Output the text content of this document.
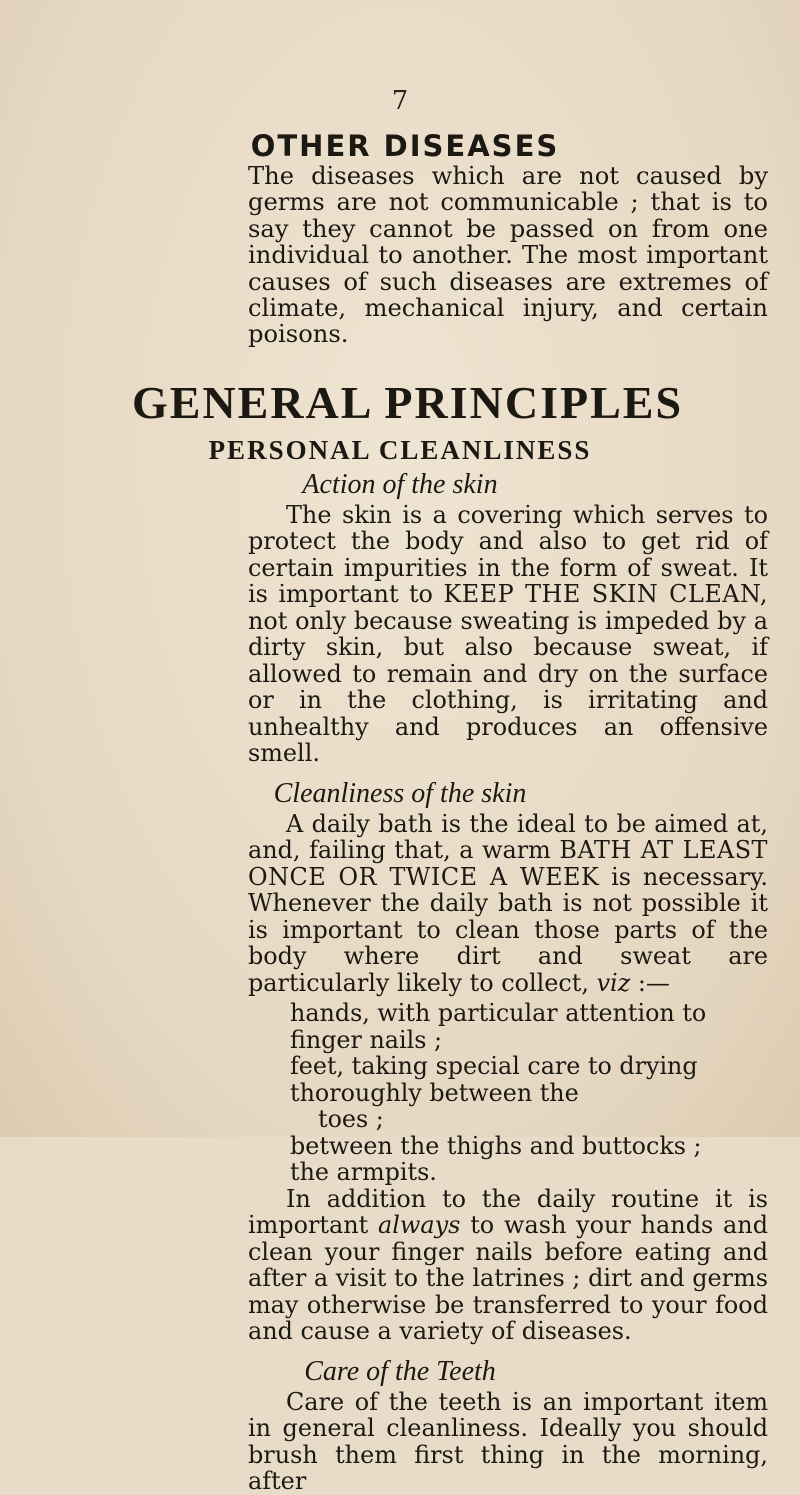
7
OTHER DISEASES

The diseases which are not caused by germs are not communicable ; that is to say they cannot be passed on from one individual to another. The most important causes of such diseases are extremes of climate, mechanical injury, and certain poisons.

GENERAL PRINCIPLES
PERSONAL CLEANLINESS
Action of the skin

The skin is a covering which serves to protect the body and also to get rid of certain impurities in the form of sweat. It is important to KEEP THE SKIN CLEAN, not only because sweating is impeded by a dirty skin, but also because sweat, if allowed to remain and dry on the surface or in the clothing, is irritating and unhealthy and produces an offensive smell.

Cleanliness of the skin

A daily bath is the ideal to be aimed at, and, failing that, a warm BATH AT LEAST ONCE OR TWICE A WEEK is necessary. Whenever the daily bath is not possible it is important to clean those parts of the body where dirt and sweat are particularly likely to collect, viz :—

hands, with particular attention to finger nails ;
feet, taking special care to drying thoroughly between the
toes ;
between the thighs and buttocks ;
the armpits.

In addition to the daily routine it is important always to wash your hands and clean your finger nails before eating and after a visit to the latrines ; dirt and germs may otherwise be transferred to your food and cause a variety of diseases.

Care of the Teeth

Care of the teeth is an important item in general cleanliness. Ideally you should brush them first thing in the morning, after
